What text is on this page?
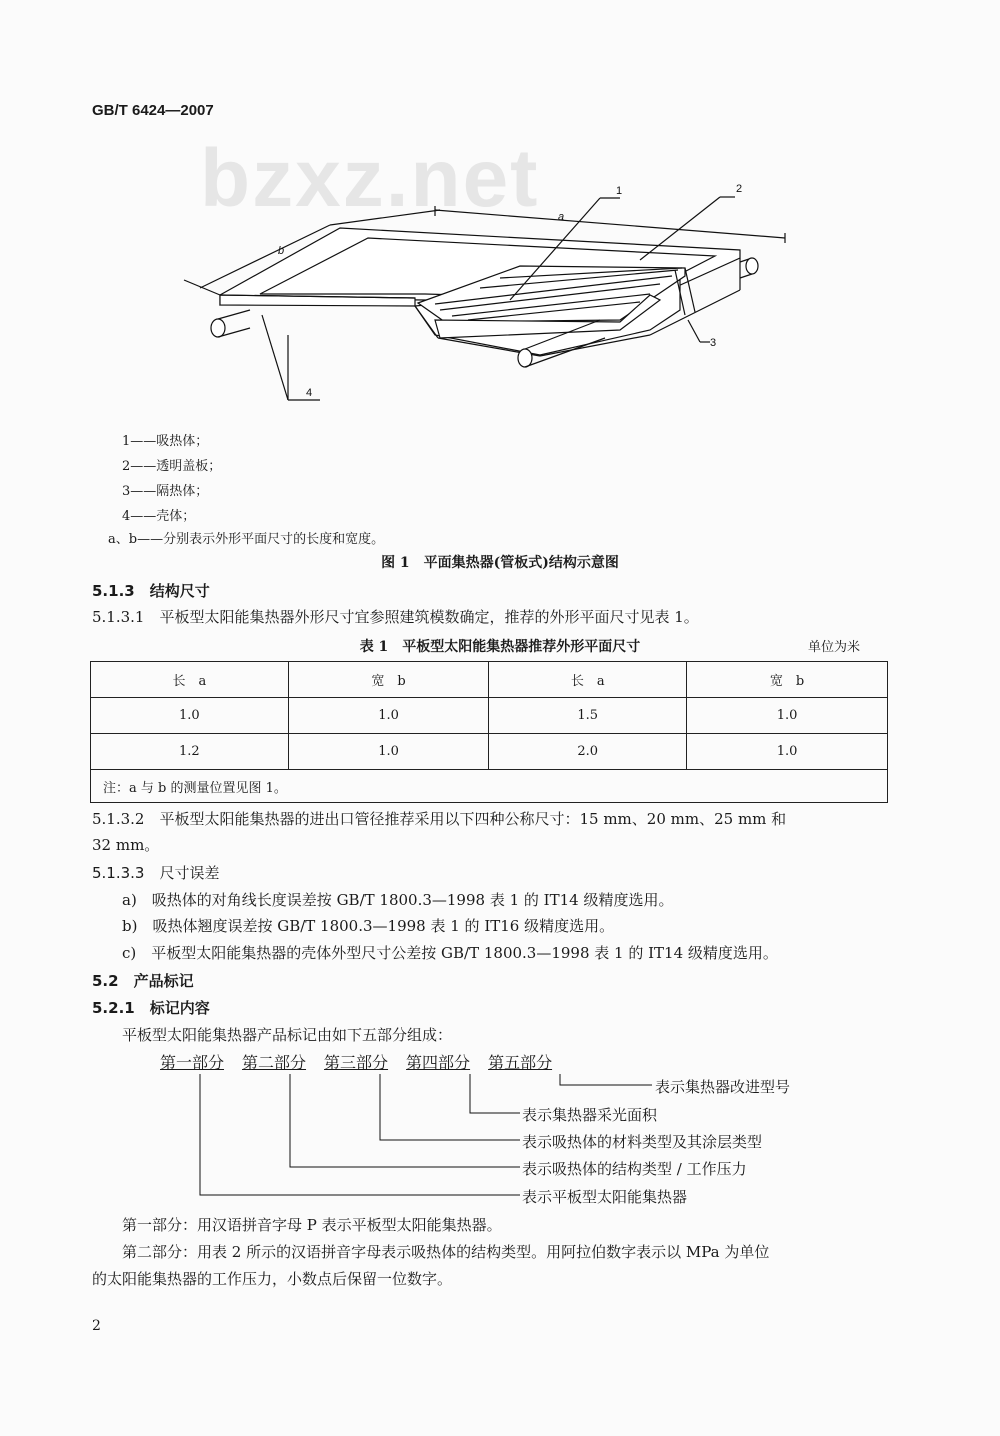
GB/T 6424—2007
bzxz.net	1	2
3
4
a
b
1——吸热体；
2——透明盖板；
3——隔热体；
4——壳体；
a、b——分别表示外形平面尺寸的长度和宽度。
图 1　平面集热器(管板式)结构示意图
5.1.3　结构尺寸
5.1.3.1　平板型太阳能集热器外形尺寸宜参照建筑模数确定，推荐的外形平面尺寸见表 1。
表 1　平板型太阳能集热器推荐外形平面尺寸	单位为米
长　a	宽　b	长　a	宽　b
1.0	1.0	1.5	1.0
1.2	1.0	2.0	1.0
注：a 与 b 的测量位置见图 1。			
5.1.3.2　平板型太阳能集热器的进出口管径推荐采用以下四种公称尺寸：15 mm、20 mm、25 mm 和
32 mm。
5.1.3.3　尺寸误差
a)　吸热体的对角线长度误差按 GB/T 1800.3—1998 表 1 的 IT14 级精度选用。
b)　吸热体翘度误差按 GB/T 1800.3—1998 表 1 的 IT16 级精度选用。
c)　平板型太阳能集热器的壳体外型尺寸公差按 GB/T 1800.3—1998 表 1 的 IT14 级精度选用。
5.2　产品标记
5.2.1　标记内容
平板型太阳能集热器产品标记由如下五部分组成：
第一部分 第二部分 第三部分 第四部分 第五部分
表示集热器改进型号
表示集热器采光面积
表示吸热体的材料类型及其涂层类型
表示吸热体的结构类型 / 工作压力
表示平板型太阳能集热器
第一部分：用汉语拼音字母 P 表示平板型太阳能集热器。
第二部分：用表 2 所示的汉语拼音字母表示吸热体的结构类型。用阿拉伯数字表示以 MPa 为单位
的太阳能集热器的工作压力，小数点后保留一位数字。
2
